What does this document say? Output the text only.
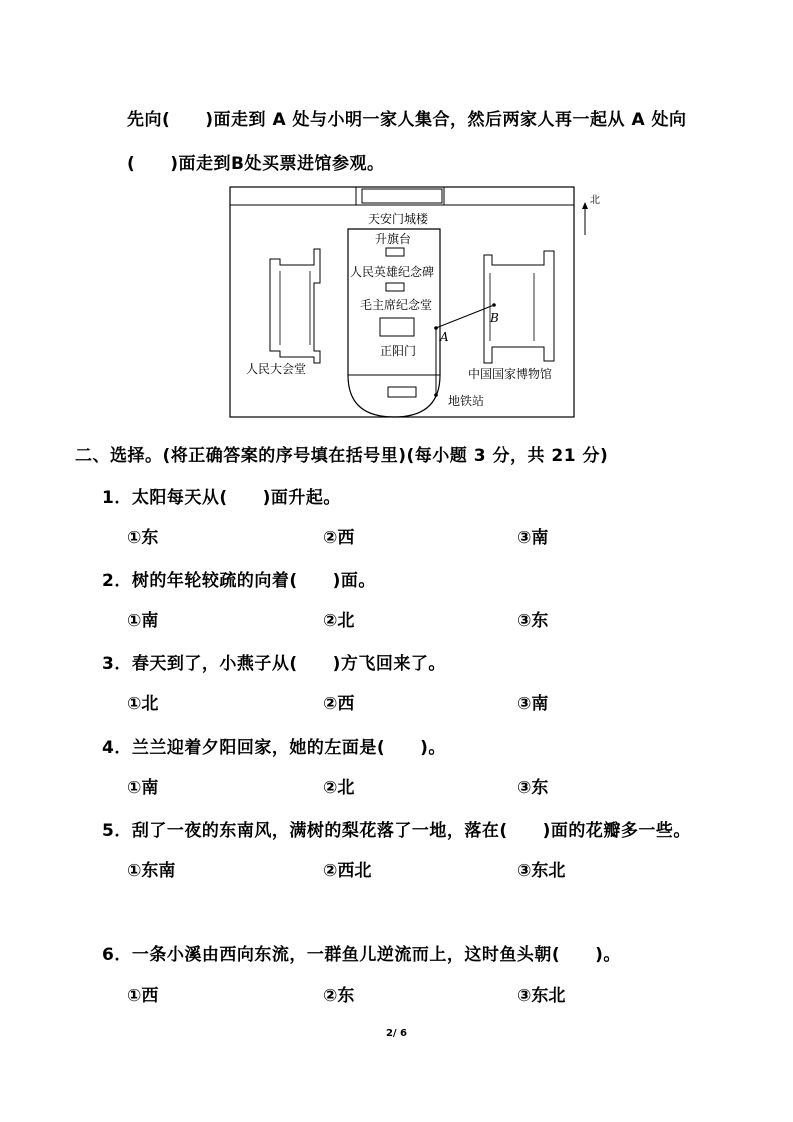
先向(　　)面走到 A 处与小明一家人集合，然后两家人再一起从 A 处向
(　　)面走到B处买票进馆参观。
北
天安门城楼
升旗台
人民英雄纪念碑
毛主席纪念堂
正阳门
人民大会堂	中国国家博物馆
地铁站
A
B
二、选择。(将正确答案的序号填在括号里)(每小题 3 分，共 21 分)
1．太阳每天从(　　)面升起。
①东	②西	③南
2．树的年轮较疏的向着(　　)面。
①南	②北	③东
3．春天到了，小燕子从(　　)方飞回来了。
①北	②西	③南
4．兰兰迎着夕阳回家，她的左面是(　　)。
①南	②北	③东
5．刮了一夜的东南风，满树的梨花落了一地，落在(　　)面的花瓣多一些。
①东南	②西北	③东北
6．一条小溪由西向东流，一群鱼儿逆流而上，这时鱼头朝(　　)。
①西	②东	③东北
2/ 6
